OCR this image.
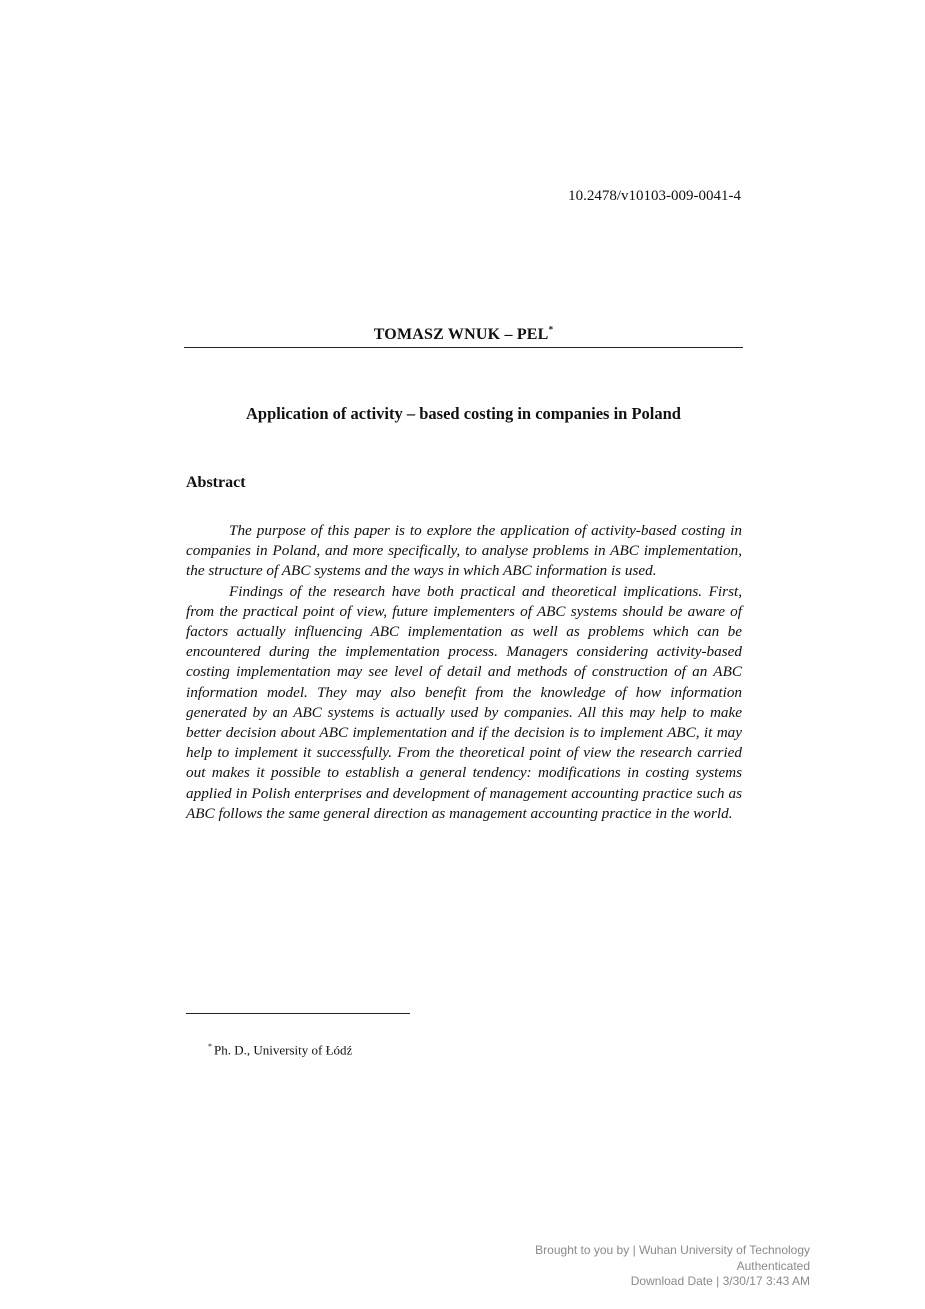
10.2478/v10103-009-0041-4
TOMASZ WNUK – PEL*
Application of activity – based costing in companies in Poland
Abstract

The purpose of this paper is to explore the application of activity-based costing in companies in Poland, and more specifically, to analyse problems in ABC implementation, the structure of ABC systems and the ways in which ABC information is used.

Findings of the research have both practical and theoretical implications. First, from the practical point of view, future implementers of ABC systems should be aware of factors actually influencing ABC implementation as well as problems which can be encountered during the implementation process. Managers considering activity-based costing implementation may see level of detail and methods of construction of an ABC information model. They may also benefit from the knowledge of how information generated by an ABC systems is actually used by companies. All this may help to make better decision about ABC implementation and if the decision is to implement ABC, it may help to implement it successfully. From the theoretical point of view the research carried out makes it possible to establish a general tendency: modifications in costing systems applied in Polish enterprises and development of management accounting practice such as ABC follows the same general direction as management accounting practice in the world.

* Ph. D., University of Łódź
Brought to you by | Wuhan University of Technology
Authenticated
Download Date | 3/30/17 3:43 AM
